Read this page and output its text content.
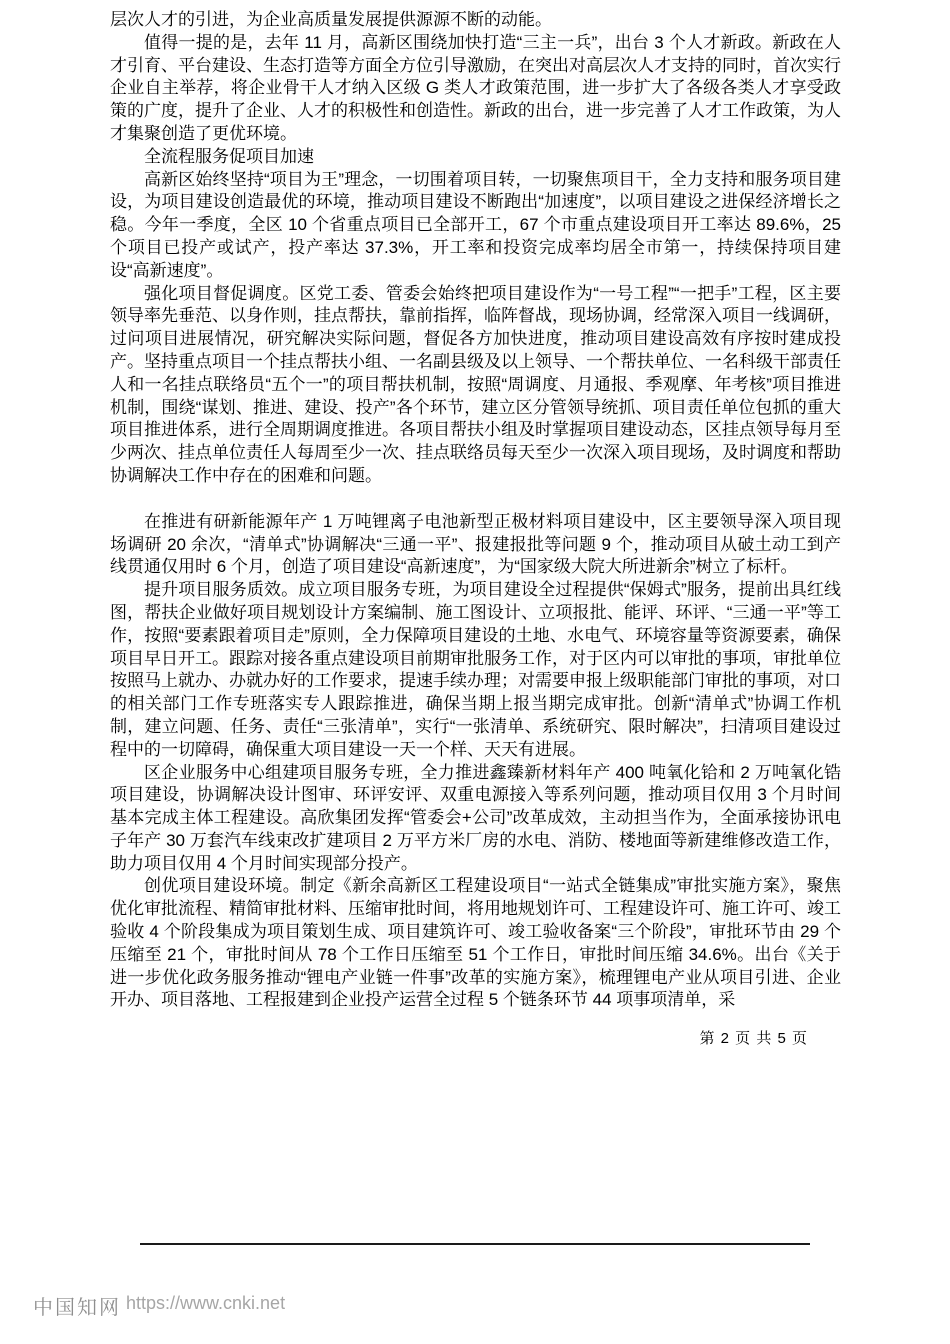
层次人才的引进，为企业高质量发展提供源源不断的动能。

值得一提的是，去年 11 月，高新区围绕加快打造“三主一兵”，出台 3 个人才新政。新政在人才引育、平台建设、生态打造等方面全方位引导激励，在突出对高层次人才支持的同时，首次实行企业自主举荐，将企业骨干人才纳入区级 G 类人才政策范围，进一步扩大了各级各类人才享受政策的广度，提升了企业、人才的积极性和创造性。新政的出台，进一步完善了人才工作政策，为人才集聚创造了更优环境。

全流程服务促项目加速

高新区始终坚持“项目为王”理念，一切围着项目转，一切聚焦项目干，全力支持和服务项目建设，为项目建设创造最优的环境，推动项目建设不断跑出“加速度”，以项目建设之进保经济增长之稳。今年一季度，全区 10 个省重点项目已全部开工，67 个市重点建设项目开工率达 89.6%，25 个项目已投产或试产，投产率达 37.3%，开工率和投资完成率均居全市第一，持续保持项目建设“高新速度”。

强化项目督促调度。区党工委、管委会始终把项目建设作为“一号工程”“一把手”工程，区主要领导率先垂范、以身作则，挂点帮扶，靠前指挥，临阵督战，现场协调，经常深入项目一线调研，过问项目进展情况，研究解决实际问题，督促各方加快进度，推动项目建设高效有序按时建成投产。坚持重点项目一个挂点帮扶小组、一名副县级及以上领导、一个帮扶单位、一名科级干部责任人和一名挂点联络员“五个一”的项目帮扶机制，按照“周调度、月通报、季观摩、年考核”项目推进机制，围绕“谋划、推进、建设、投产”各个环节，建立区分管领导统抓、项目责任单位包抓的重大项目推进体系，进行全周期调度推进。各项目帮扶小组及时掌握项目建设动态，区挂点领导每月至少两次、挂点单位责任人每周至少一次、挂点联络员每天至少一次深入项目现场，及时调度和帮助协调解决工作中存在的困难和问题。

在推进有研新能源年产 1 万吨锂离子电池新型正极材料项目建设中，区主要领导深入项目现场调研 20 余次，“清单式”协调解决“三通一平”、报建报批等问题 9 个，推动项目从破土动工到产线贯通仅用时 6 个月，创造了项目建设“高新速度”，为“国家级大院大所进新余”树立了标杆。

提升项目服务质效。成立项目服务专班，为项目建设全过程提供“保姆式”服务，提前出具红线图，帮扶企业做好项目规划设计方案编制、施工图设计、立项报批、能评、环评、“三通一平”等工作，按照“要素跟着项目走”原则，全力保障项目建设的土地、水电气、环境容量等资源要素，确保项目早日开工。跟踪对接各重点建设项目前期审批服务工作，对于区内可以审批的事项，审批单位按照马上就办、办就办好的工作要求，提速手续办理；对需要申报上级职能部门审批的事项，对口的相关部门工作专班落实专人跟踪推进，确保当期上报当期完成审批。创新“清单式”协调工作机制，建立问题、任务、责任“三张清单”，实行“一张清单、系统研究、限时解决”，扫清项目建设过程中的一切障碍，确保重大项目建设一天一个样、天天有进展。

区企业服务中心组建项目服务专班，全力推进鑫臻新材料年产 400 吨氧化铪和 2 万吨氧化锆项目建设，协调解决设计图审、环评安评、双重电源接入等系列问题，推动项目仅用 3 个月时间基本完成主体工程建设。高欣集团发挥“管委会+公司”改革成效，主动担当作为，全面承接协讯电子年产 30 万套汽车线束改扩建项目 2 万平方米厂房的水电、消防、楼地面等新建维修改造工作，助力项目仅用 4 个月时间实现部分投产。

创优项目建设环境。制定《新余高新区工程建设项目“一站式全链集成”审批实施方案》，聚焦优化审批流程、精简审批材料、压缩审批时间，将用地规划许可、工程建设许可、施工许可、竣工验收 4 个阶段集成为项目策划生成、项目建筑许可、竣工验收备案“三个阶段”，审批环节由 29 个压缩至 21 个，审批时间从 78 个工作日压缩至 51 个工作日，审批时间压缩 34.6%。出台《关于进一步优化政务服务推动“锂电产业链一件事”改革的实施方案》，梳理锂电产业从项目引进、企业开办、项目落地、工程报建到企业投产运营全过程 5 个链条环节 44 项事项清单，采

第 2 页 共 5 页
中国知网 https://www.cnki.net
